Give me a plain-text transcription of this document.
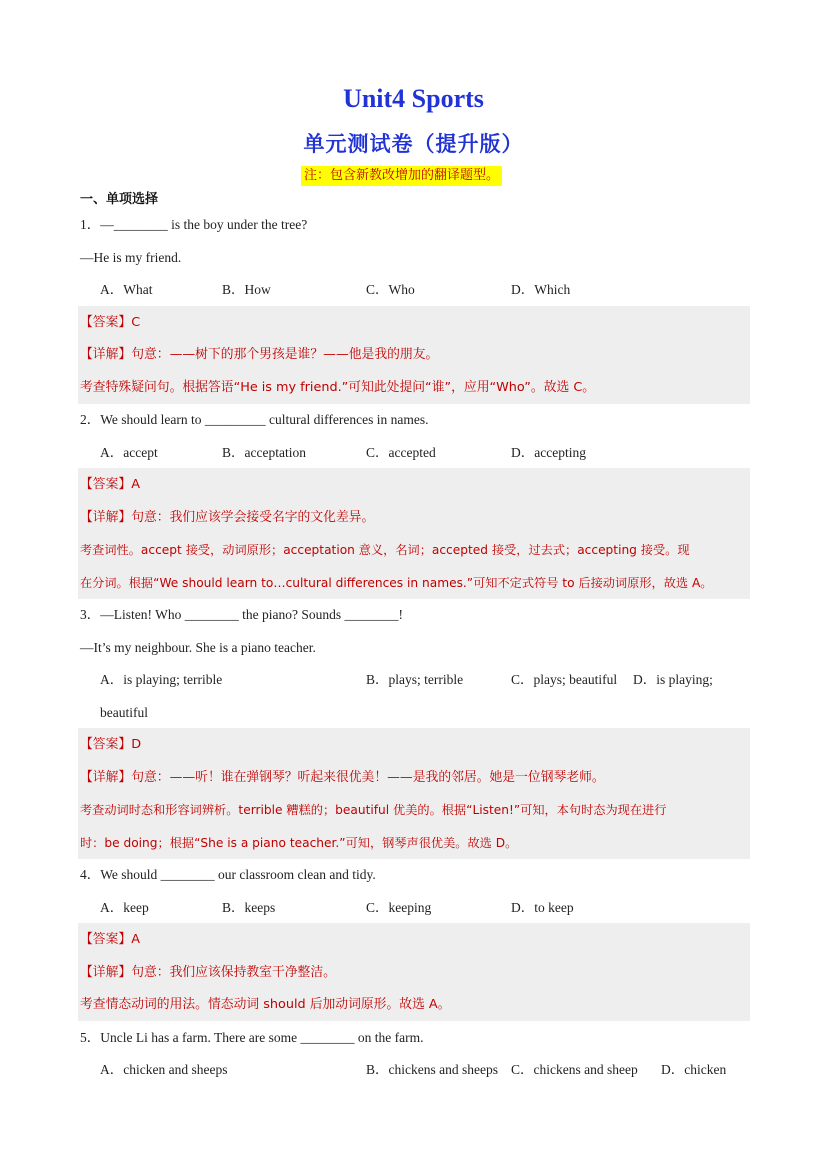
Unit4 Sports
单元测试卷（提升版）
注：包含新教改增加的翻译题型。
一、单项选择
1．—________ is the boy under the tree?
—He is my friend.
A．What	B．How	C．Who	D．Which
【答案】C
【详解】句意：——树下的那个男孩是谁？——他是我的朋友。
考查特殊疑问句。根据答语“He is my friend.”可知此处提问“谁”，应用“Who”。故选 C。
2．We should learn to _________ cultural differences in names.
A．accept	B．acceptation	C．accepted	D．accepting
【答案】A
【详解】句意：我们应该学会接受名字的文化差异。
考查词性。accept 接受，动词原形；acceptation 意义，名词；accepted 接受，过去式；accepting 接受。现
在分词。根据“We should learn to…cultural differences in names.”可知不定式符号 to 后接动词原形，故选 A。
3．—Listen! Who ________ the piano? Sounds ________!
—It’s my neighbour. She is a piano teacher.
A．is playing; terrible	B．plays; terrible	C．plays; beautiful D．is playing;
beautiful
【答案】D
【详解】句意：——听！谁在弹钢琴？听起来很优美！——是我的邻居。她是一位钢琴老师。
考查动词时态和形容词辨析。terrible 糟糕的；beautiful 优美的。根据“Listen!”可知，本句时态为现在进行
时：be doing；根据“She is a piano teacher.”可知，钢琴声很优美。故选 D。
4．We should ________ our classroom clean and tidy.
A．keep	B．keeps	C．keeping	D．to keep
【答案】A
【详解】句意：我们应该保持教室干净整洁。
考查情态动词的用法。情态动词 should 后加动词原形。故选 A。
5．Uncle Li has a farm. There are some ________ on the farm.
A．chicken and sheeps	B．chickens and sheeps C．chickens and sheep D．chicken
